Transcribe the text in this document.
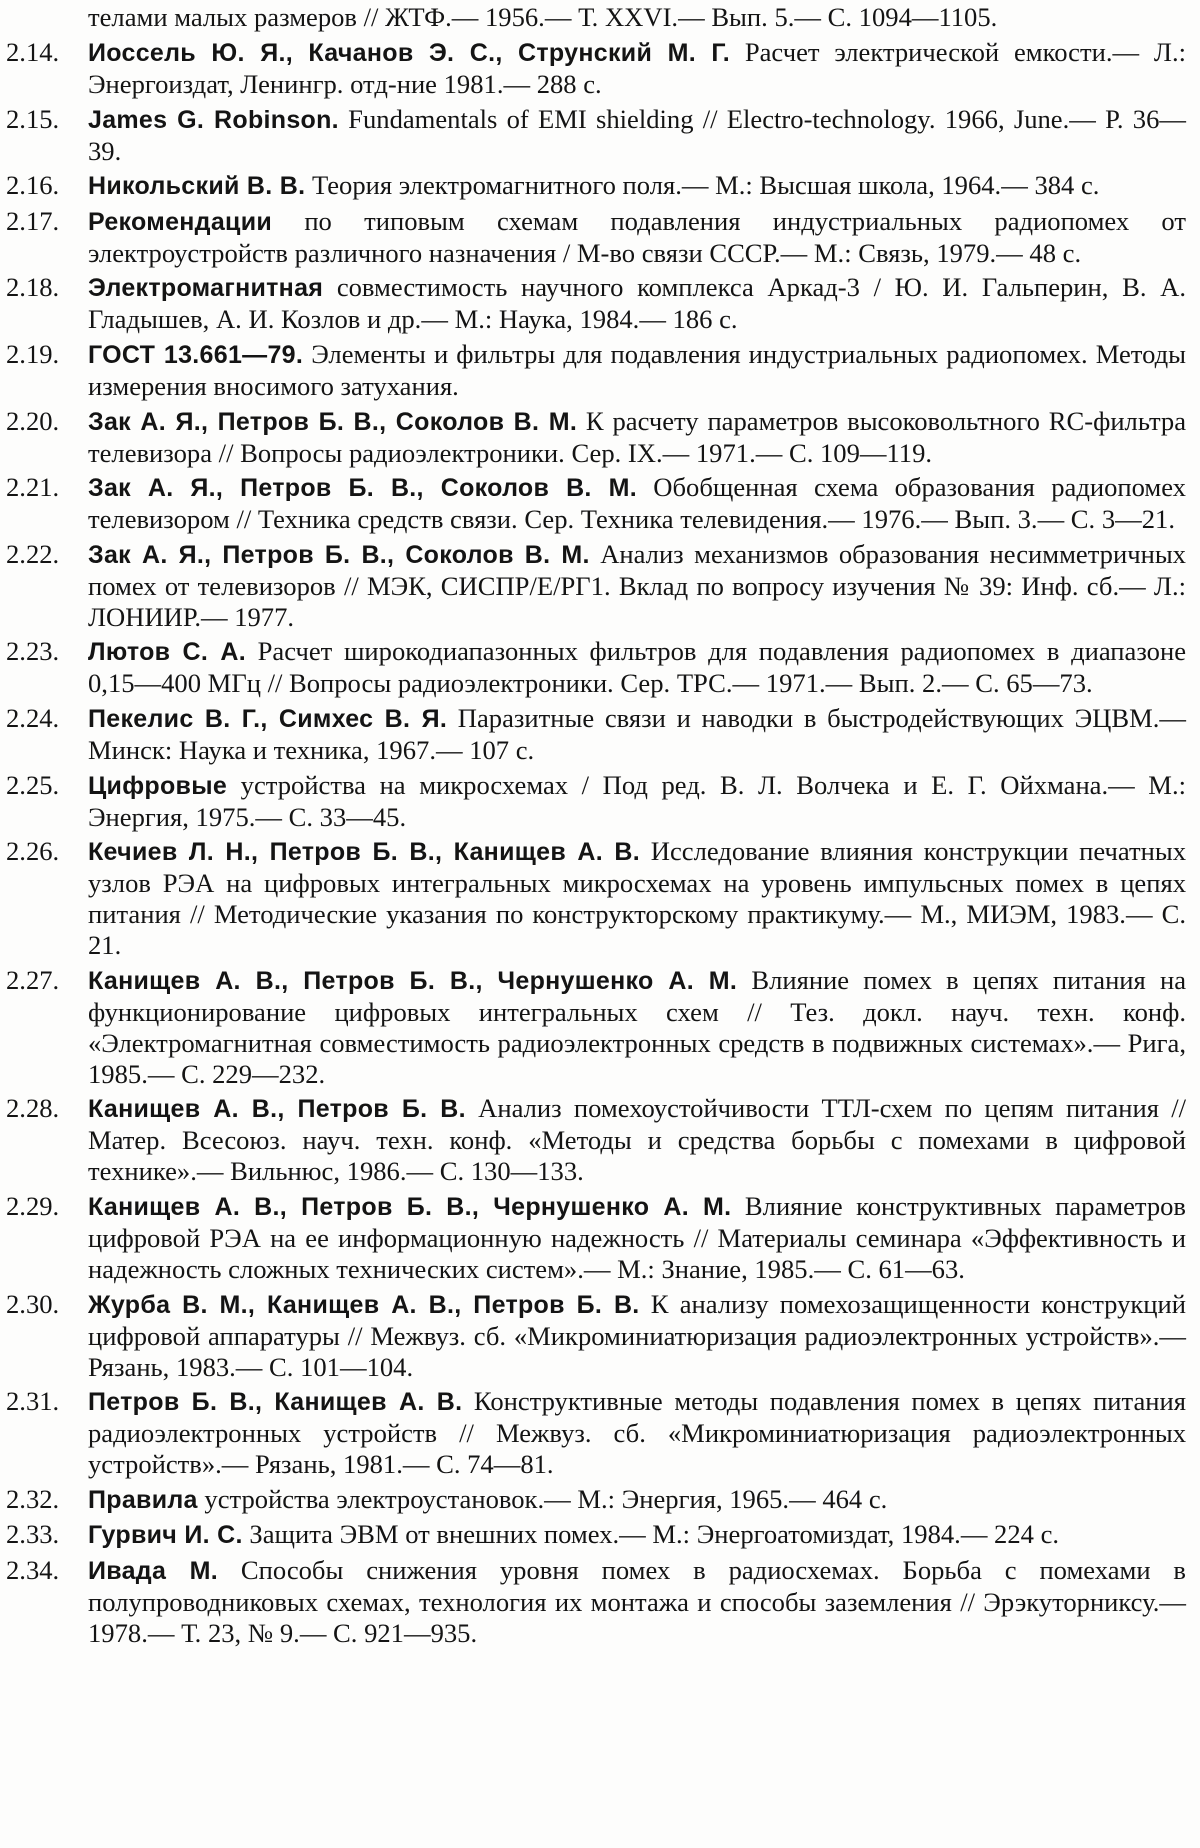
телами малых размеров // ЖТФ.— 1956.— Т. XXVI.— Вып. 5.— С. 1094—1105.
2.14. Иоссель Ю. Я., Качанов Э. С., Струнский М. Г. Расчет электрической емкости.— Л.: Энергоиздат, Ленингр. отд-ние 1981.— 288 с.
2.15. James G. Robinson. Fundamentals of EMI shielding // Electro-technology. 1966, June.— P. 36—39.
2.16. Никольский В. В. Теория электромагнитного поля.— М.: Высшая школа, 1964.— 384 с.
2.17. Рекомендации по типовым схемам подавления индустриальных радиопомех от электроустройств различного назначения / М-во связи СССР.— М.: Связь, 1979.— 48 с.
2.18. Электромагнитная совместимость научного комплекса Аркад-3 / Ю. И. Гальперин, В. А. Гладышев, А. И. Козлов и др.— М.: Наука, 1984.— 186 с.
2.19. ГОСТ 13.661—79. Элементы и фильтры для подавления индустриальных радиопомех. Методы измерения вносимого затухания.
2.20. Зак А. Я., Петров Б. В., Соколов В. М. К расчету параметров высоковольтного RC-фильтра телевизора // Вопросы радиоэлектроники. Сер. IX.— 1971.— С. 109—119.
2.21. Зак А. Я., Петров Б. В., Соколов В. М. Обобщенная схема образования радиопомех телевизором // Техника средств связи. Сер. Техника телевидения.— 1976.— Вып. 3.— С. 3—21.
2.22. Зак А. Я., Петров Б. В., Соколов В. М. Анализ механизмов образования несимметричных помех от телевизоров // МЭК, СИСПР/Е/РГ1. Вклад по вопросу изучения № 39: Инф. сб.— Л.: ЛОНИИР.— 1977.
2.23. Лютов С. А. Расчет широкодиапазонных фильтров для подавления радиопомех в диапазоне 0,15—400 МГц // Вопросы радиоэлектроники. Сер. ТРС.— 1971.— Вып. 2.— С. 65—73.
2.24. Пекелис В. Г., Симхес В. Я. Паразитные связи и наводки в быстродействующих ЭЦВМ.— Минск: Наука и техника, 1967.— 107 с.
2.25. Цифровые устройства на микросхемах / Под ред. В. Л. Волчека и Е. Г. Ойхмана.— М.: Энергия, 1975.— С. 33—45.
2.26. Кечиев Л. Н., Петров Б. В., Канищев А. В. Исследование влияния конструкции печатных узлов РЭА на цифровых интегральных микросхемах на уровень импульсных помех в цепях питания // Методические указания по конструкторскому практикуму.— М., МИЭМ, 1983.— С. 21.
2.27. Канищев А. В., Петров Б. В., Чернушенко А. М. Влияние помех в цепях питания на функционирование цифровых интегральных схем // Тез. докл. науч. техн. конф. «Электромагнитная совместимость радиоэлектронных средств в подвижных системах».— Рига, 1985.— С. 229—232.
2.28. Канищев А. В., Петров Б. В. Анализ помехоустойчивости ТТЛ-схем по цепям питания // Матер. Всесоюз. науч. техн. конф. «Методы и средства борьбы с помехами в цифровой технике».— Вильнюс, 1986.— С. 130—133.
2.29. Канищев А. В., Петров Б. В., Чернушенко А. М. Влияние конструктивных параметров цифровой РЭА на ее информационную надежность // Материалы семинара «Эффективность и надежность сложных технических систем».— М.: Знание, 1985.— С. 61—63.
2.30. Журба В. М., Канищев А. В., Петров Б. В. К анализу помехозащищенности конструкций цифровой аппаратуры // Межвуз. сб. «Микроминиатюризация радиоэлектронных устройств».— Рязань, 1983.— С. 101—104.
2.31. Петров Б. В., Канищев А. В. Конструктивные методы подавления помех в цепях питания радиоэлектронных устройств // Межвуз. сб. «Микроминиатюризация радиоэлектронных устройств».— Рязань, 1981.— С. 74—81.
2.32. Правила устройства электроустановок.— М.: Энергия, 1965.— 464 с.
2.33. Гурвич И. С. Защита ЭВМ от внешних помех.— М.: Энергоатомиздат, 1984.— 224 с.
2.34. Ивада М. Способы снижения уровня помех в радиосхемах. Борьба с помехами в полупроводниковых схемах, технология их монтажа и способы заземления // Эрэкуторниксу.— 1978.— Т. 23, № 9.— С. 921—935.
